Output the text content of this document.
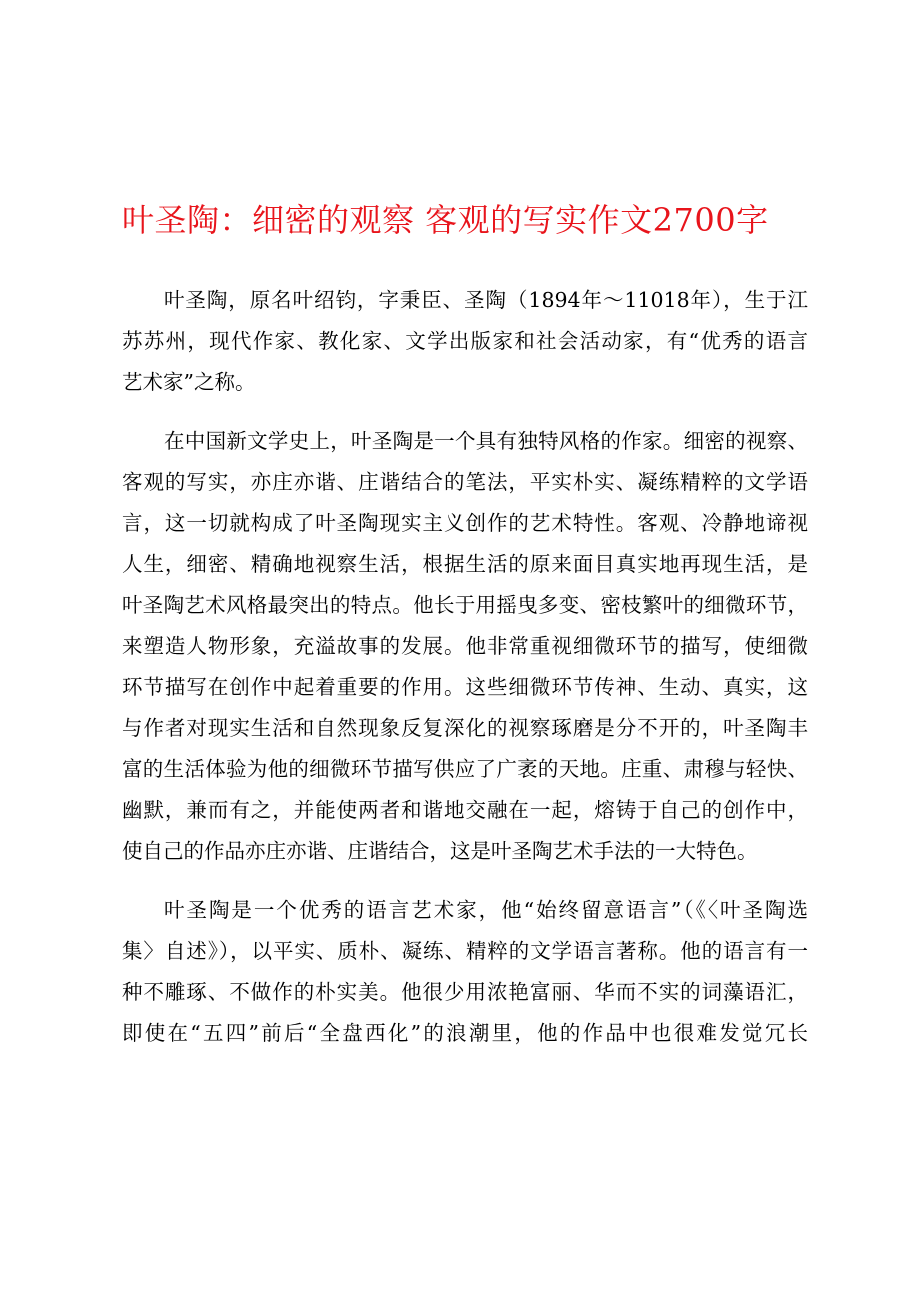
叶圣陶：细密的观察 客观的写实作文2700字
叶圣陶，原名叶绍钧，字秉臣、圣陶（1894年～11018年），生于江
苏苏州，现代作家、教化家、文学出版家和社会活动家，有“优秀的语言
艺术家”之称。
在中国新文学史上，叶圣陶是一个具有独特风格的作家。细密的视察、
客观的写实，亦庄亦谐、庄谐结合的笔法，平实朴实、凝练精粹的文学语
言，这一切就构成了叶圣陶现实主义创作的艺术特性。客观、冷静地谛视
人生，细密、精确地视察生活，根据生活的原来面目真实地再现生活，是
叶圣陶艺术风格最突出的特点。他长于用摇曳多变、密枝繁叶的细微环节，
来塑造人物形象，充溢故事的发展。他非常重视细微环节的描写，使细微
环节描写在创作中起着重要的作用。这些细微环节传神、生动、真实，这
与作者对现实生活和自然现象反复深化的视察琢磨是分不开的，叶圣陶丰
富的生活体验为他的细微环节描写供应了广袤的天地。庄重、肃穆与轻快、
幽默，兼而有之，并能使两者和谐地交融在一起，熔铸于自己的创作中，
使自己的作品亦庄亦谐、庄谐结合，这是叶圣陶艺术手法的一大特色。
叶圣陶是一个优秀的语言艺术家，他“始终留意语言”（《〈叶圣陶选
集〉自述》），以平实、质朴、凝练、精粹的文学语言著称。他的语言有一
种不雕琢、不做作的朴实美。他很少用浓艳富丽、华而不实的词藻语汇，
即使在“五四”前后“全盘西化”的浪潮里，他的作品中也很难发觉冗长
